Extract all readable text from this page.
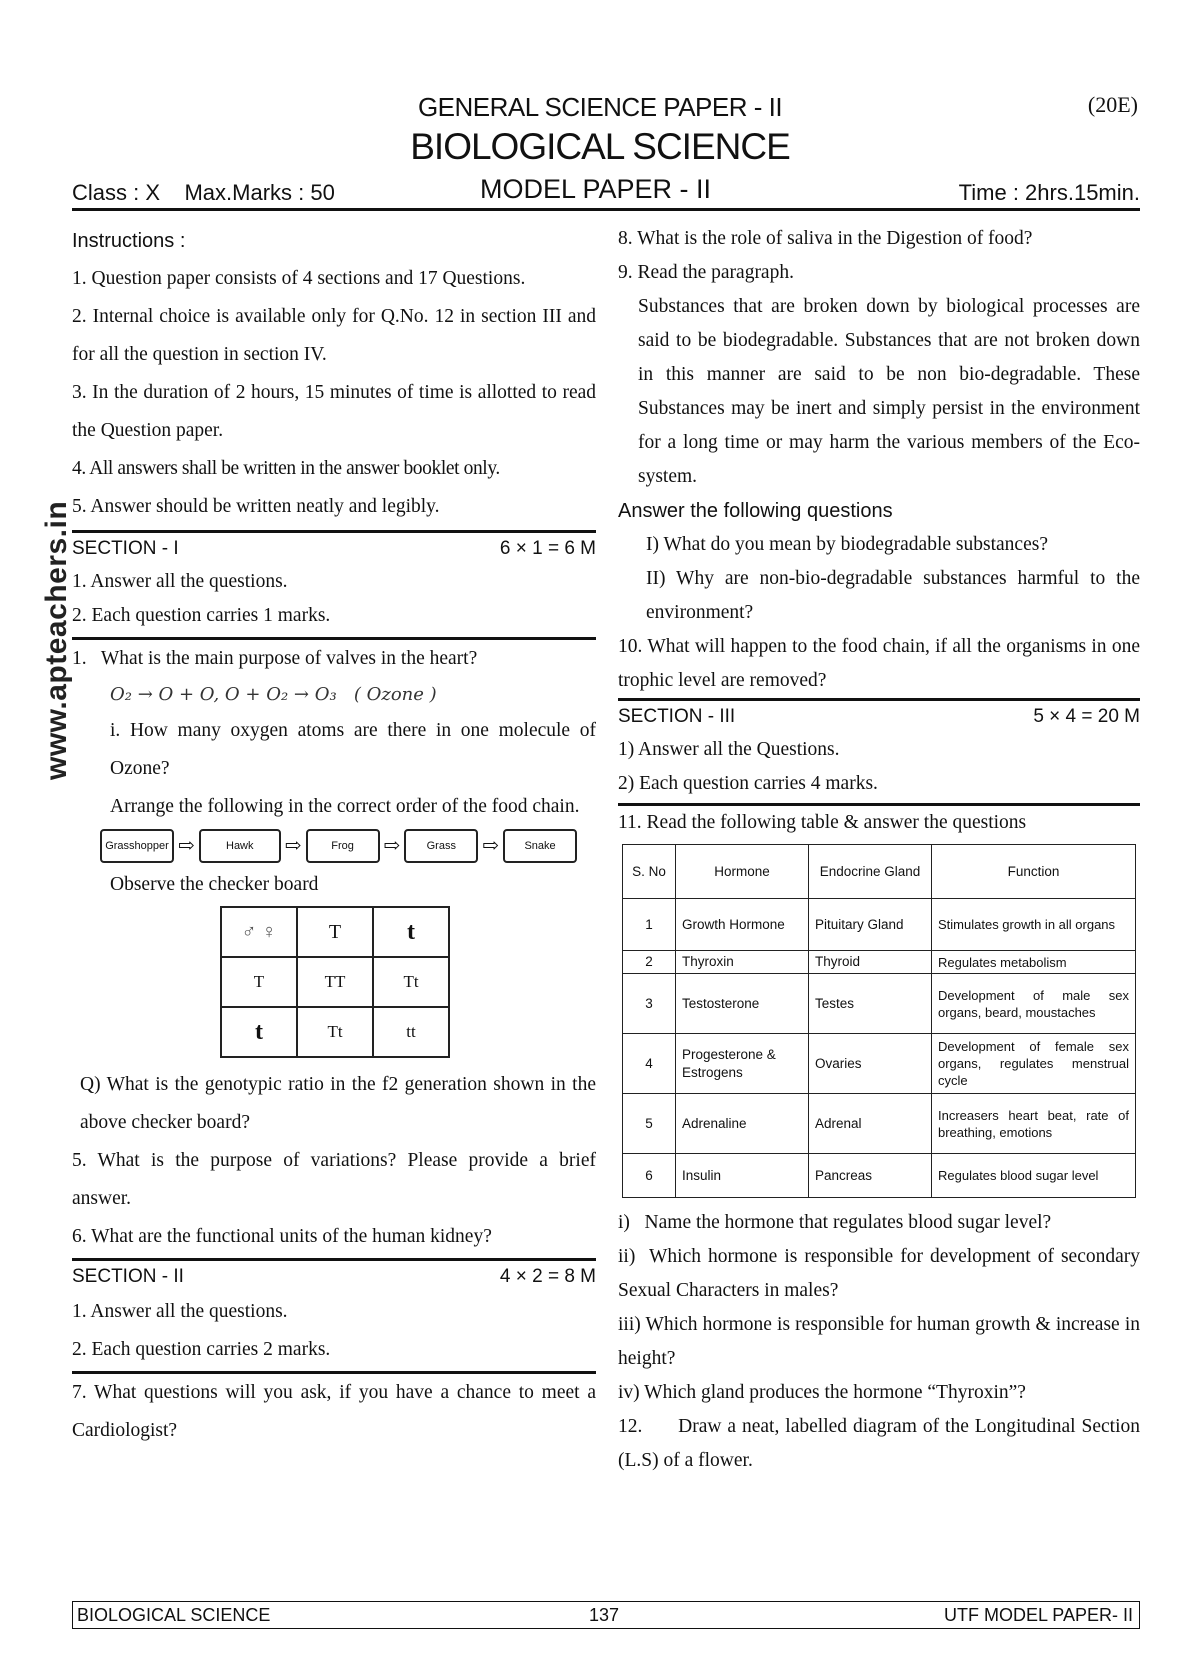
GENERAL SCIENCE PAPER - II	(20E)
BIOLOGICAL SCIENCE
Class : X    Max.Marks : 50	MODEL PAPER - II	Time : 2hrs.15min.
www.apteachers.in
Instructions :
1. Question paper consists of 4 sections and 17 Questions.
2. Internal choice is available only for Q.No. 12 in section III and for all the question in section IV.
3. In the duration of 2 hours, 15 minutes of time is allotted to read the Question paper.
4. All answers shall be written in the answer booklet only.
5. Answer should be written neatly and legibly.
SECTION - I	6 × 1 = 6 M
1. Answer all the questions.
2. Each question carries 1 marks.
1.   What is the main purpose of valves in the heart?
O₂ → O + O, O + O₂ → O₃   ( Ozone )
i. How many oxygen atoms are there in one molecule of Ozone?
Arrange the following in the correct order of the food chain.
Grasshopper ⇨	Hawk	⇨	Frog	⇨	Grass	⇨	Snake
Observe the checker board
♂ ♀	T	t
T	TT	Tt
t	Tt	tt
Q) What is the genotypic ratio in the f2 generation shown in the above checker board?
5. What is the purpose of variations? Please provide a brief answer.
6. What are the functional units of the human kidney?
SECTION - II	4 × 2 = 8 M
1. Answer all the questions.
2. Each question carries 2 marks.
7. What questions will you ask, if you have a chance to meet a Cardiologist?
8. What is the role of saliva in the Digestion of food?
9. Read the paragraph.
Substances that are broken down by biological processes are said to be biodegradable. Substances that are not broken down in this manner are said to be non bio-degradable. These Substances may be inert and simply persist in the environment for a long time or may harm the various members of the Eco-system.
Answer the following questions
I) What do you mean by biodegradable substances?
II) Why are non-bio-degradable substances harmful to the environment?
10. What will happen to the food chain, if all the organisms in one trophic level are removed?
SECTION - III	5 × 4 = 20 M
1) Answer all the Questions.
2) Each question carries 4 marks.
11. Read the following table & answer the questions
S. No	Hormone	Endocrine Gland	Function
1	Growth Hormone	Pituitary Gland	Stimulates growth in all organs
2	Thyroxin	Thyroid	Regulates metabolism
3	Testosterone	Testes	Development of male sex organs, beard, moustaches
4	Progesterone & Estrogens	Ovaries	Development of female sex organs, regulates menstrual cycle
5	Adrenaline	Adrenal	Increasers heart beat, rate of breathing, emotions
6	Insulin	Pancreas	Regulates blood sugar level
i)   Name the hormone that regulates blood sugar level?
ii)  Which hormone is responsible for development of secondary Sexual Characters in males?
iii) Which hormone is responsible for human growth & increase in height?
iv) Which gland produces the hormone “Thyroxin”?
12.      Draw a neat, labelled diagram of the Longitudinal Section (L.S) of a flower.
BIOLOGICAL SCIENCE	137	UTF MODEL PAPER- II
